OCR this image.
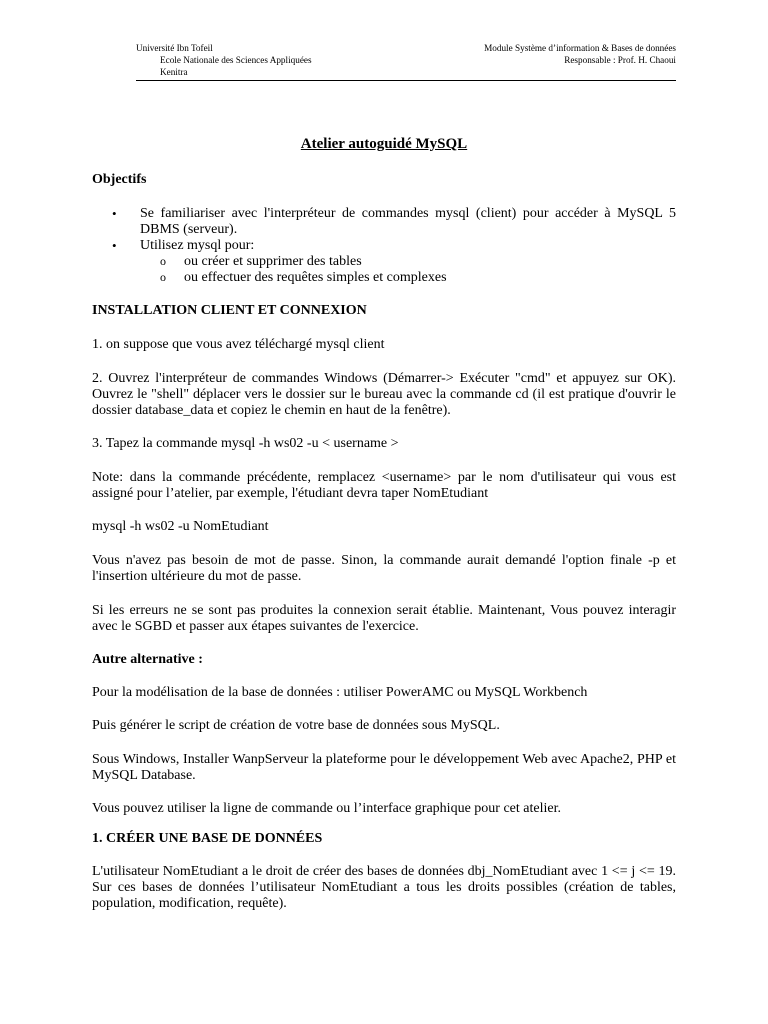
Université Ibn Tofeil
Ecole Nationale des Sciences Appliquées
Kenitra
Module Système d’information & Bases de données
Responsable : Prof. H. Chaoui
Atelier autoguidé MySQL
Objectifs
• Se familiariser avec l'interpréteur de commandes mysql (client) pour accéder à MySQL 5 DBMS (serveur).
• Utilisez mysql pour:
o ou créer et supprimer des tables
o ou effectuer des requêtes simples et complexes
INSTALLATION CLIENT ET CONNEXION

1. on suppose que vous avez téléchargé mysql client

2. Ouvrez l'interpréteur de commandes Windows (Démarrer-> Exécuter "cmd" et appuyez sur OK). Ouvrez le "shell" déplacer vers le dossier sur le bureau avec la commande cd (il est pratique d'ouvrir le dossier database_data et copiez le chemin en haut de la fenêtre).

3. Tapez la commande mysql -h ws02 -u < username >

Note: dans la commande précédente, remplacez <username> par le nom d'utilisateur qui vous est assigné pour l’atelier, par exemple, l'étudiant devra taper NomEtudiant

mysql -h ws02 -u NomEtudiant

Vous n'avez pas besoin de mot de passe. Sinon, la commande aurait demandé l'option finale -p et l'insertion ultérieure du mot de passe.

Si les erreurs ne se sont pas produites la connexion serait établie. Maintenant, Vous pouvez interagir avec le SGBD et passer aux étapes suivantes de l'exercice.

Autre alternative :

Pour la modélisation de la base de données : utiliser PowerAMC ou MySQL Workbench

Puis générer le script de création de votre base de données sous MySQL.

Sous Windows, Installer WanpServeur la plateforme pour le développement Web avec Apache2, PHP et MySQL Database.

Vous pouvez utiliser la ligne de commande ou l’interface graphique pour cet atelier.

1. CRÉER UNE BASE DE DONNÉES

L'utilisateur NomEtudiant a le droit de créer des bases de données dbj_NomEtudiant avec 1 <= j <= 19. Sur ces bases de données l’utilisateur NomEtudiant a tous les droits possibles (création de tables, population, modification, requête).
